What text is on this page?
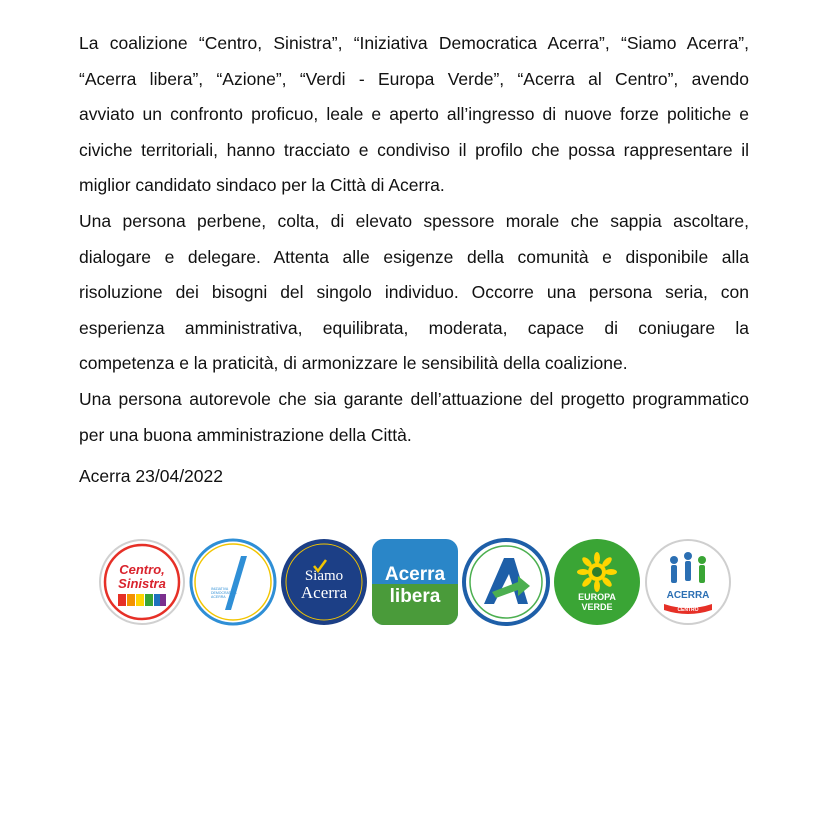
La coalizione “Centro, Sinistra”, “Iniziativa Democratica Acerra”, “Siamo Acerra”,
“Acerra libera”, “Azione”, “Verdi - Europa Verde”, “Acerra al Centro”, avendo
avviato un confronto proficuo, leale e aperto all’ingresso di nuove forze politiche e
civiche territoriali, hanno tracciato e condiviso il profilo che possa rappresentare il
miglior candidato sindaco per la Città di Acerra.
Una persona perbene, colta, di elevato spessore morale che sappia ascoltare,
dialogare e delegare. Attenta alle esigenze della comunità e disponibile alla
risoluzione dei bisogni del singolo individuo. Occorre una persona seria, con
esperienza amministrativa, equilibrata, moderata, capace di coniugare la
competenza e la praticità, di armonizzare le sensibilità della coalizione.
Una persona autorevole che sia garante dell’attuazione del progetto programmatico
per una buona amministrazione della Città.
Acerra 23/04/2022
Centro,
Sinistra	INIZIATIVA
DEMOCRATICA
ACERRA
Siamo
Acerra
Acerra
libera	EUROPA
VERDE
ACERRA
CENTRO
